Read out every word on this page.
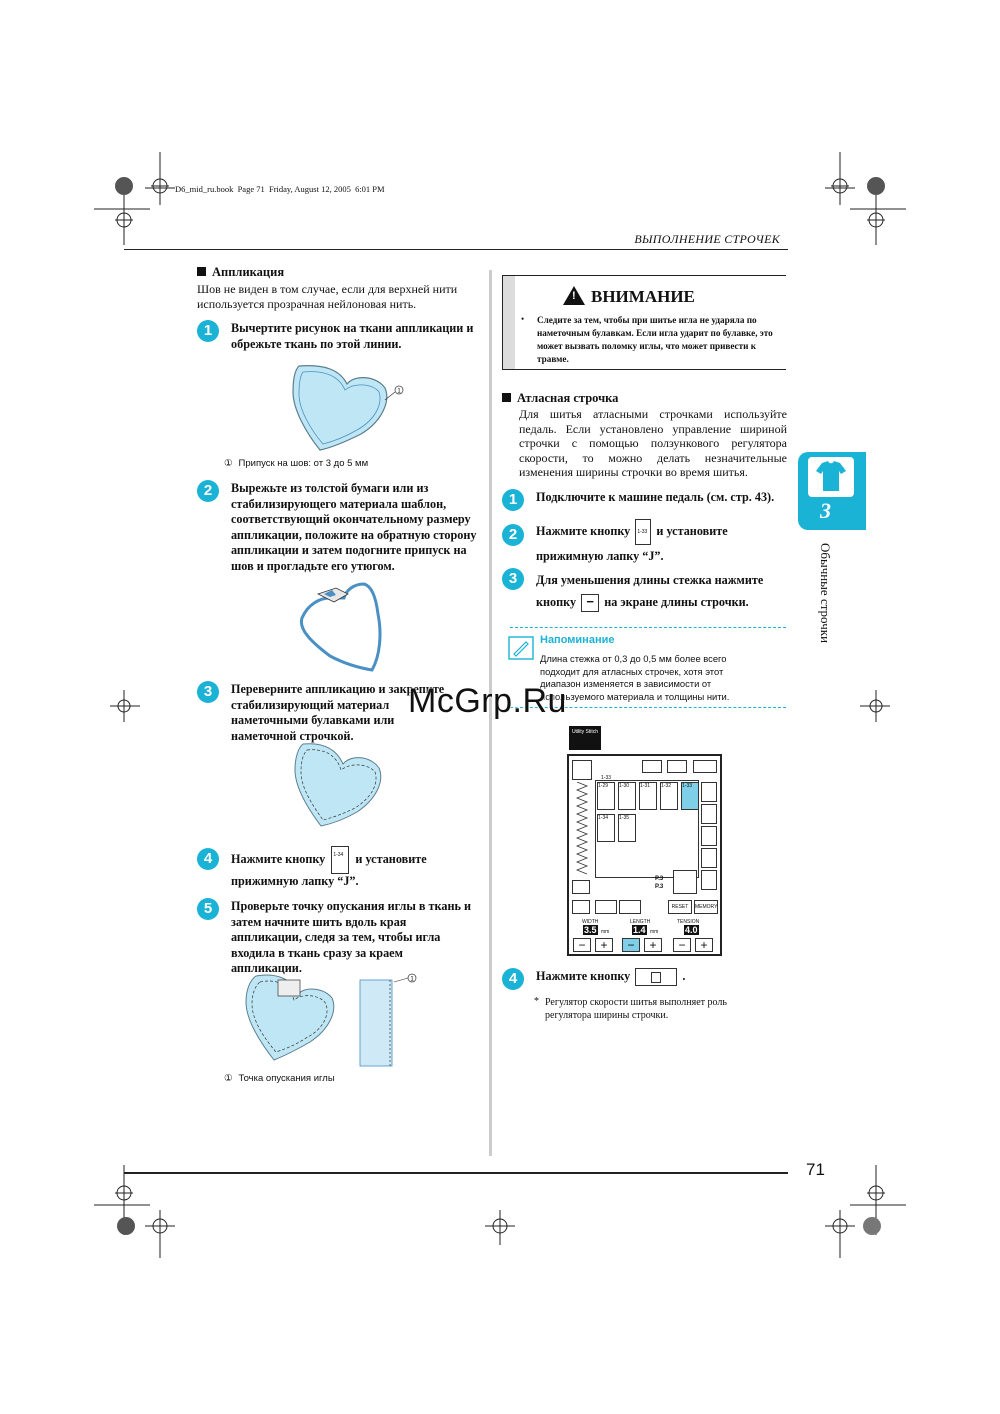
D6_mid_ru.book  Page 71  Friday, August 12, 2005  6:01 PM
ВЫПОЛНЕНИЕ СТРОЧЕК
Аппликация
Шов не виден в том случае, если для верхней нити используется прозрачная нейлоновая нить.
1	Вычертите рисунок на ткани аппликации и обрежьте ткань по этой линии.
1
① Припуск на шов: от 3 до 5 мм
2	Вырежьте из толстой бумаги или из стабилизирующего материала шаблон, соответствующий окончательному размеру аппликации, положите на обратную сторону аппликации и затем подогните припуск на шов и прогладьте его утюгом.
3	Переверните аппликацию и закрепите стабилизирующий материал наметочными булавками или наметочной строчкой.
4	Нажмите кнопку 1-34 и установите прижимную лапку “J”.
5	Проверьте точку опускания иглы в ткань и затем начните шить вдоль края аппликации, следя за тем, чтобы игла входила в ткань сразу за краем аппликации.
1
① Точка опускания иглы
! ВНИМАНИЕ
• Следите за тем, чтобы при шитье игла не ударяла по наметочным булавкам. Если игла ударит по булавке, это может вызвать поломку иглы, что может привести к травме.
Атласная строчка
Для шитья атласными строчками используйте педаль. Если установлено управление шириной строчки с помощью ползункового регулятора скорости, то можно делать незначительные изменения ширины строчки во время шитья.
1	Подключите к машине педаль (см. стр. 43).
2	Нажмите кнопку 1-33 и установите прижимную лапку “J”.
3	Для уменьшения длины стежка нажмите кнопку − на экране длины строчки.
Напоминание
Длина стежка от 0,3 до 0,5 мм более всего подходит для атласных строчек, хотя этот диапазон изменяется в зависимости от используемого материала и толщины нити.
Utility Stitch
1-33
1-29	1-30	1-31	1-32	1-33
1-34	1-35
P.3
P.3
RESET	MEMORY
WIDTH	LENGTH	TENSION
3.5 mm	1.4 mm	4.0
−	+	−	+	−	+
4	Нажмите кнопку	.
* Регулятор скорости шитья выполняет роль регулятора ширины строчки.
3
Обычные строчки
McGrp.Ru
71
